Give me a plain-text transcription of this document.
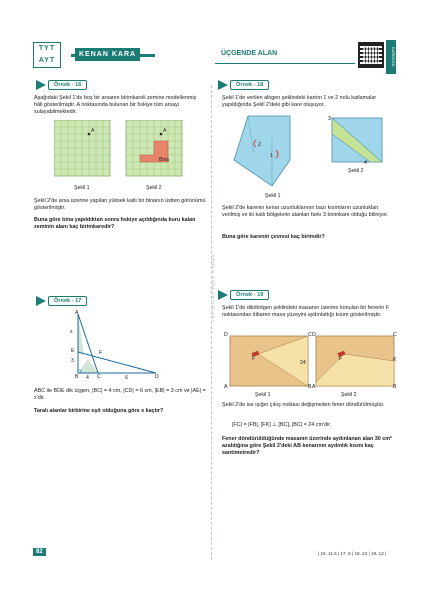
TYT
AYT
KENAN KARA	ÜÇGENDE ALAN	KAREKÖD
KENAN KARA YAYINLARI
Örnek - 16
Aşağıdaki Şekil 1'de boş bir arsanın birimkareli zemine modellenmiş hâli gösterilmiştir. A noktasında bulunan bir fıskiye tüm arsayı sulayabilmektedir.
A	A
Bina
Şekil 1	Şekil 2
Şekil 2'de arsa üzerine yapılan yüksek katlı bir binanın üstten görünümü gösterilmiştir.
Buna göre bina yapıldıktan sonra fıskiye açıldığında kuru kalan zeminin alanı kaç birimkaredir?
Örnek - 17
A
x
E	F
3
B 4 C	6	D
ABC ile BDE dik üçgen, |BC| = 4 cm, |CD| = 6 cm, |EB| = 3 cm ve |AE| = x'dir.
Taralı alanlar birbirine eşit olduğuna göre x kaçtır?
Örnek - 18
Şekil 1'de verilen altıgen şeklindeki karton 1 ve 2 nolu katlamalar yapıldığında Şekil 2'deki gibi kare oluşuyor.
2
1
3
4
Şekil 1
Şekil 2
Şekil 2'de karenin kenar uzunluklarının bazı kısımların uzunlukları verilmiş ve iki katlı bölgelerin alanları farkı 3 birimkare olduğu biliniyor.
Buna göre karenin çevresi kaç birimdir?
Örnek - 19
Şekil 1'de dikdörtgen şeklindeki masanın üzerine konulan bir fenerin F noktasından itibaren masa yüzeyini aydınlattığı kısım gösterilmiştir.
D	C
F
24
A	B
D	C
F	K
A	B
Şekil 1	Şekil 2
Şekil 2'de ise ışığın çıkış noktası değişmeden fener döndürülmüştür.
|FC| = |FB|, [FK] ⊥ [BC], |BC| = 24 cm'dir.
Fener döndürüldüğünde masanın üzerinde aydınlanan alan 30 cm² azaldığına göre Şekil 2'deki AB kenarının aydınlık kısmı kaç santimetredir?
82	| 16. 11.5 | 17. 8 | 18. 24 | 19. 13 |
